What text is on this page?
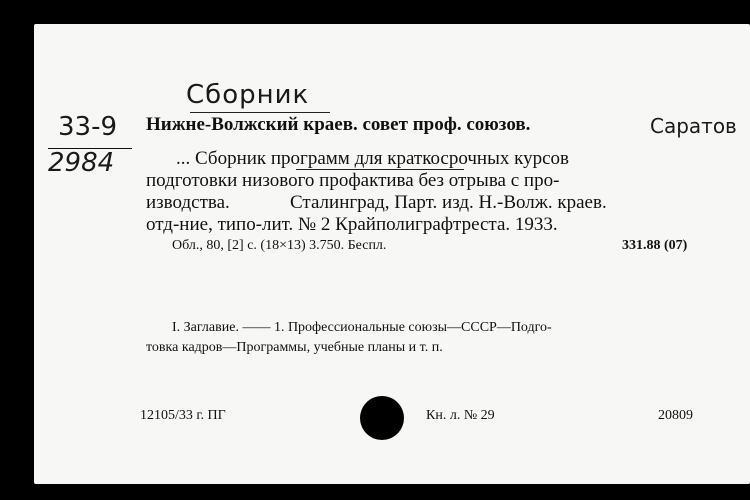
Сборник
33-9
2984
Нижне-Волжский краев. совет проф. союзов.	Саратов
... Сборник программ для краткосрочных курсов
подготовки низового профактива без отрыва с про-
изводства.	Сталинград, Парт. изд. Н.-Волж. краев.
отд-ние, типо-лит. № 2 Крайполиграфтреста. 1933.
Обл., 80, [2] с. (18×13) 3.750. Беспл.	331.88 (07)
I. Заглавие. —— 1. Профессиональные союзы—СССР—Подго-
товка кадров—Программы, учебные планы и т. п.
12105/33 г. ПГ	Кн. л. № 29	20809
